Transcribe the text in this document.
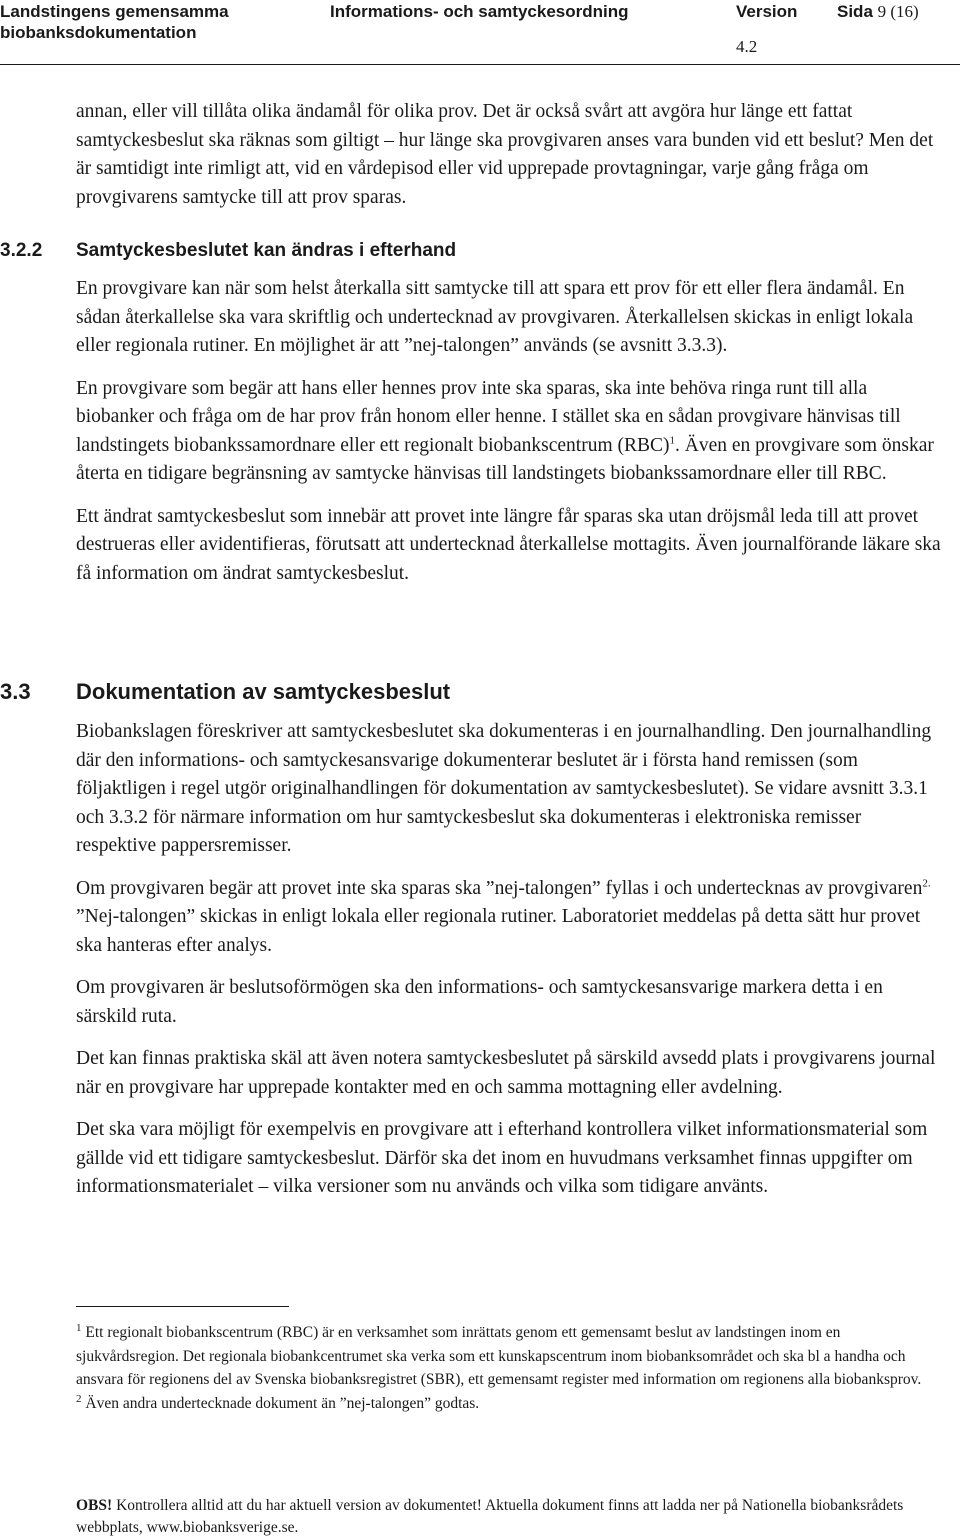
Landstingens gemensamma
biobanksdokumentation
Informations- och samtyckesordning	Version
4.2
Sida 9 (16)

annan, eller vill tillåta olika ändamål för olika prov. Det är också svårt att avgöra hur länge ett fattat samtyckesbeslut ska räknas som giltigt – hur länge ska provgivaren anses vara bunden vid ett beslut? Men det är samtidigt inte rimligt att, vid en vårdepisod eller vid upprepade provtagningar, varje gång fråga om provgivarens samtycke till att prov sparas.

3.2.2 Samtyckesbeslutet kan ändras i efterhand

En provgivare kan när som helst återkalla sitt samtycke till att spara ett prov för ett eller flera ändamål. En sådan återkallelse ska vara skriftlig och undertecknad av provgivaren. Återkallelsen skickas in enligt lokala eller regionala rutiner. En möjlighet är att ”nej-talongen” används (se avsnitt 3.3.3).

En provgivare som begär att hans eller hennes prov inte ska sparas, ska inte behöva ringa runt till alla biobanker och fråga om de har prov från honom eller henne. I stället ska en sådan provgivare hänvisas till landstingets biobankssamordnare eller ett regionalt biobankscentrum (RBC)$^1$. Även en provgivare som önskar återta en tidigare begränsning av samtycke hänvisas till landstingets biobankssamordnare eller till RBC.

Ett ändrat samtyckesbeslut som innebär att provet inte längre får sparas ska utan dröjsmål leda till att provet destrueras eller avidentifieras, förutsatt att undertecknad återkallelse mottagits. Även journalförande läkare ska få information om ändrat samtyckesbeslut.

3.3 Dokumentation av samtyckesbeslut

Biobankslagen föreskriver att samtyckesbeslutet ska dokumenteras i en journalhandling. Den journalhandling där den informations- och samtyckesansvarige dokumenterar beslutet är i första hand remissen (som följaktligen i regel utgör originalhandlingen för dokumentation av samtyckesbeslutet). Se vidare avsnitt 3.3.1 och 3.3.2 för närmare information om hur samtyckesbeslut ska dokumenteras i elektroniska remisser respektive pappersremisser.

Om provgivaren begär att provet inte ska sparas ska ”nej-talongen” fyllas i och undertecknas av provgivaren$^{2.}$ ”Nej-talongen” skickas in enligt lokala eller regionala rutiner. Laboratoriet meddelas på detta sätt hur provet ska hanteras efter analys.

Om provgivaren är beslutsoförmögen ska den informations- och samtyckesansvarige markera detta i en särskild ruta.

Det kan finnas praktiska skäl att även notera samtyckesbeslutet på särskild avsedd plats i provgivarens journal när en provgivare har upprepade kontakter med en och samma mottagning eller avdelning.

Det ska vara möjligt för exempelvis en provgivare att i efterhand kontrollera vilket informationsmaterial som gällde vid ett tidigare samtyckesbeslut. Därför ska det inom en huvudmans verksamhet finnas uppgifter om informationsmaterialet – vilka versioner som nu används och vilka som tidigare använts.

$^1$ Ett regionalt biobankscentrum (RBC) är en verksamhet som inrättats genom ett gemensamt beslut av landstingen inom en sjukvårdsregion. Det regionala biobankcentrumet ska verka som ett kunskapscentrum inom biobanksområdet och ska bl a handha och ansvara för regionens del av Svenska biobanksregistret (SBR), ett gemensamt register med information om regionens alla biobanksprov.

$^2$ Även andra undertecknade dokument än ”nej-talongen” godtas.

OBS! Kontrollera alltid att du har aktuell version av dokumentet! Aktuella dokument finns att ladda ner på Nationella biobanksrådets webbplats, www.biobanksverige.se.
